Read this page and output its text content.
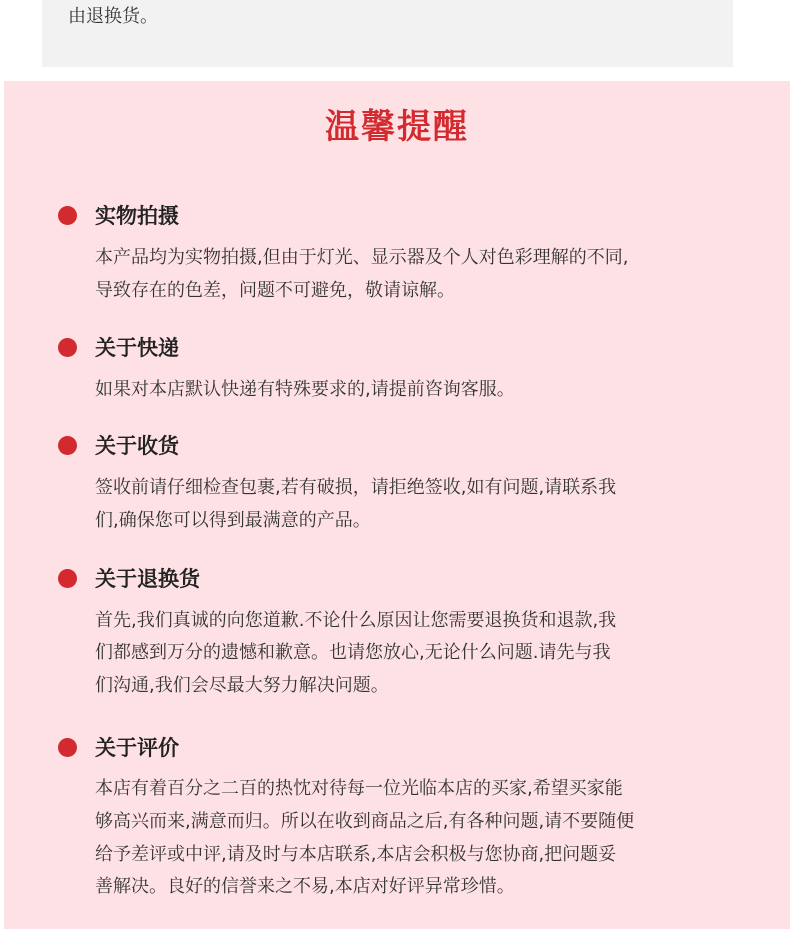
由退换货。
温馨提醒
实物拍摄
本产品均为实物拍摄,但由于灯光、显示器及个人对色彩理解的不同,
导致存在的色差，问题不可避免，敬请谅解。
关于快递
如果对本店默认快递有特殊要求的,请提前咨询客服。
关于收货
签收前请仔细检查包裹,若有破损，请拒绝签收,如有问题,请联系我
们,确保您可以得到最满意的产品。
关于退换货
首先,我们真诚的向您道歉.不论什么原因让您需要退换货和退款,我
们都感到万分的遗憾和歉意。也请您放心,无论什么问题.请先与我
们沟通,我们会尽最大努力解决问题。
关于评价
本店有着百分之二百的热忱对待每一位光临本店的买家,希望买家能
够高兴而来,满意而归。所以在收到商品之后,有各种问题,请不要随便
给予差评或中评,请及时与本店联系,本店会积极与您协商,把问题妥
善解决。良好的信誉来之不易,本店对好评异常珍惜。
